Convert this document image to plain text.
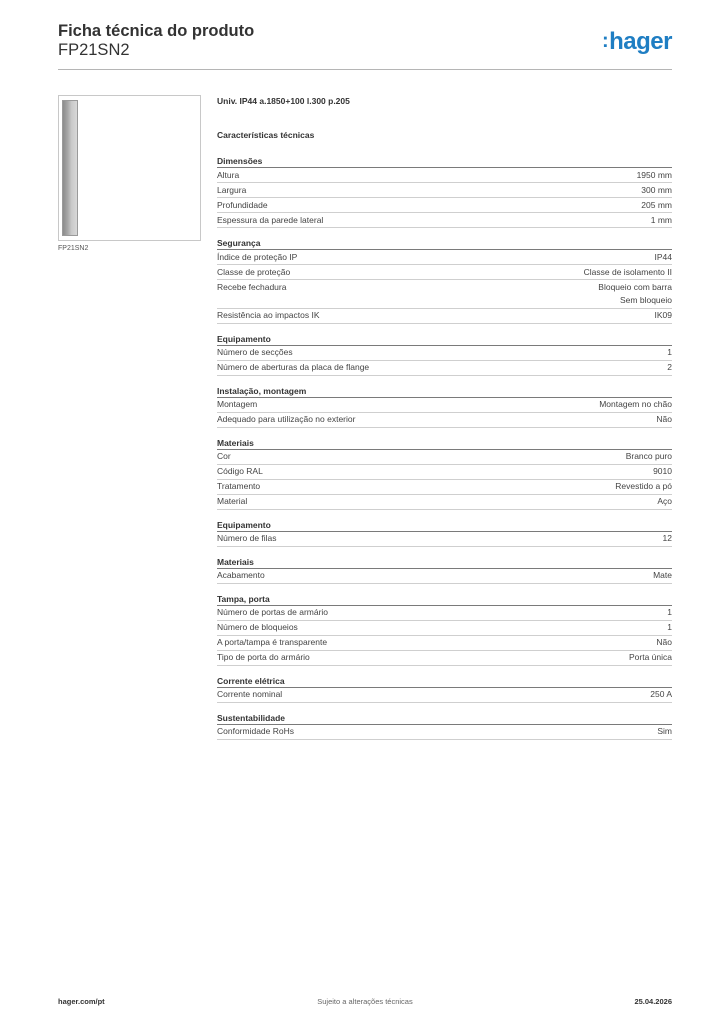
Ficha técnica do produto
FP21SN2	:hager
FP21SN2
Univ. IP44 a.1850+100 l.300 p.205
Características técnicas
Dimensões
Altura	1950 mm
Largura	300 mm
Profundidade	205 mm
Espessura da parede lateral	1 mm
Segurança
Índice de proteção IP	IP44
Classe de proteção	Classe de isolamento II
Recebe fechadura	Bloqueio com barra
Sem bloqueio
Resistência ao impactos IK	IK09
Equipamento
Número de secções	1
Número de aberturas da placa de flange	2
Instalação, montagem
Montagem	Montagem no chão
Adequado para utilização no exterior	Não
Materiais
Cor	Branco puro
Código RAL	9010
Tratamento	Revestido a pó
Material	Aço
Equipamento
Número de filas	12
Materiais
Acabamento	Mate
Tampa, porta
Número de portas de armário	1
Número de bloqueios	1
A porta/tampa é transparente	Não
Tipo de porta do armário	Porta única
Corrente elétrica
Corrente nominal	250 A
Sustentabilidade
Conformidade RoHs	Sim
hager.com/pt	Sujeito a alterações técnicas	25.04.2026
